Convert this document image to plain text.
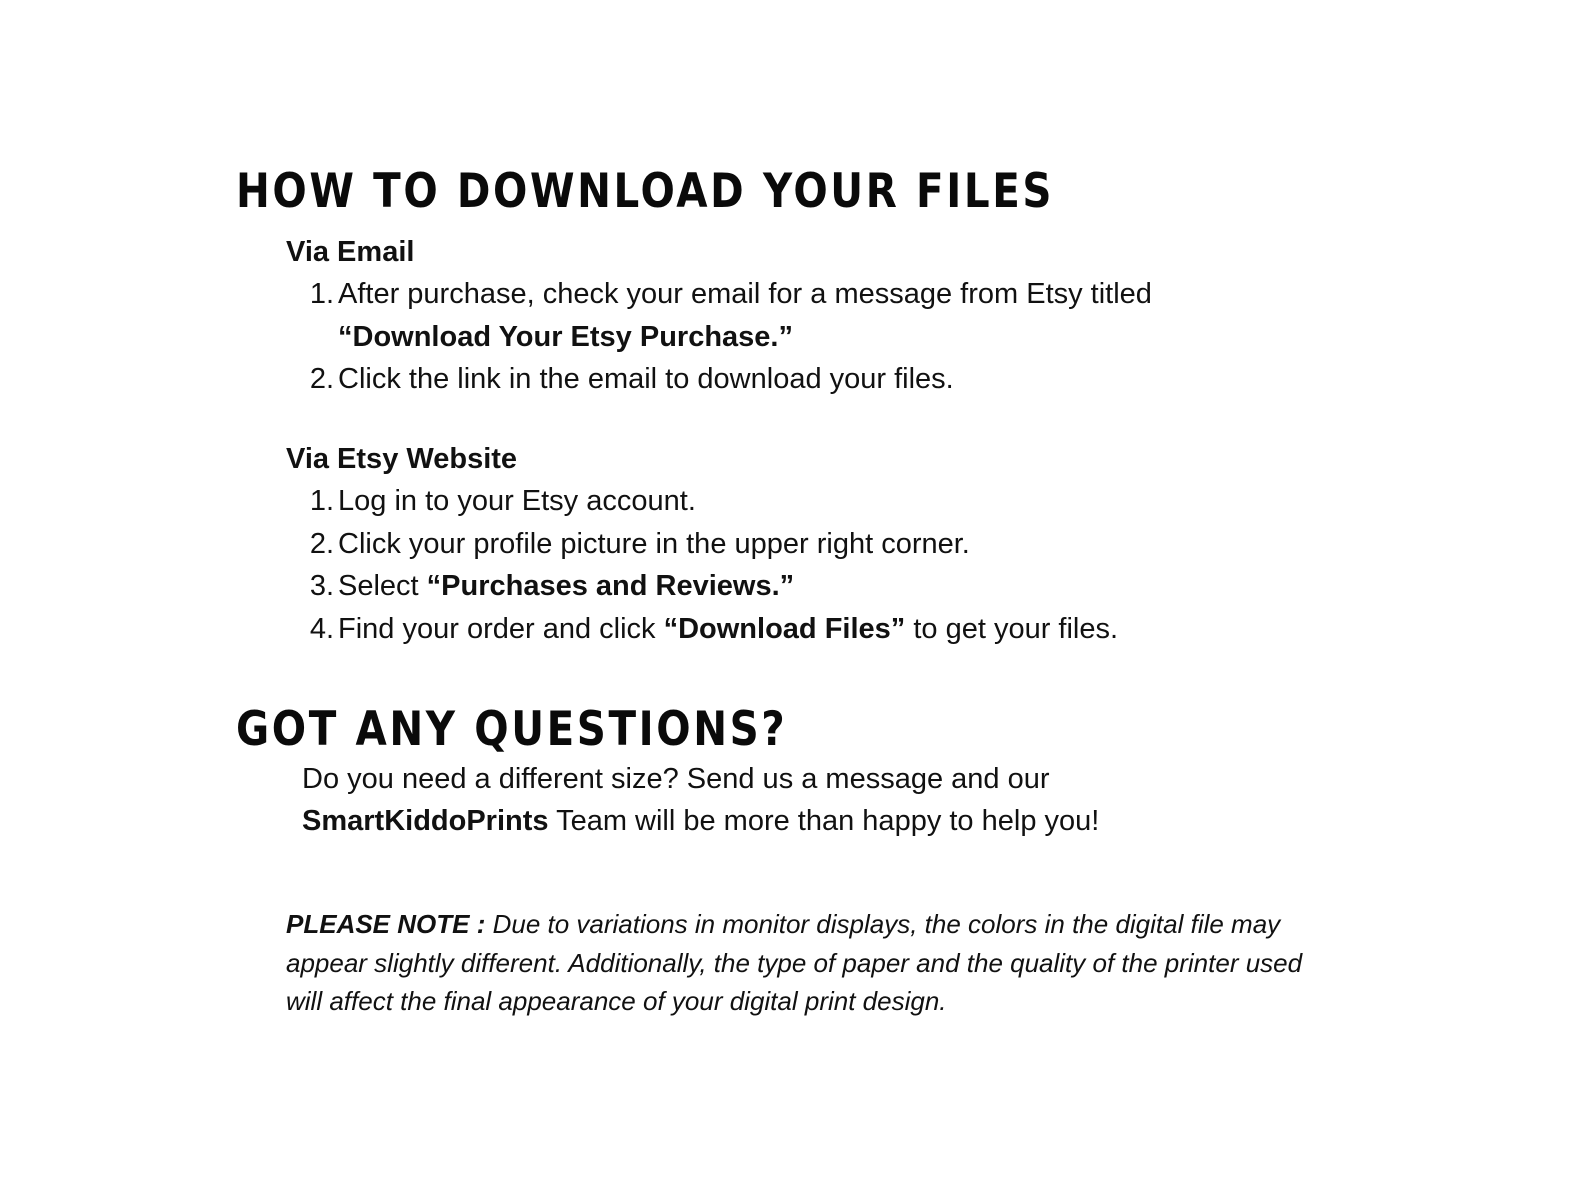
HOW TO DOWNLOAD YOUR FILES
Via Email
1. After purchase, check your email for a message from Etsy titled “Download Your Etsy Purchase.”
2. Click the link in the email to download your files.
Via Etsy Website
1. Log in to your Etsy account.
2. Click your profile picture in the upper right corner.
3. Select “Purchases and Reviews.”
4. Find your order and click “Download Files” to get your files.
GOT ANY QUESTIONS?

Do you need a different size? Send us a message and our
SmartKiddoPrints Team will be more than happy to help you!

PLEASE NOTE : Due to variations in monitor displays, the colors in the digital file may appear slightly different. Additionally, the type of paper and the quality of the printer used will affect the final appearance of your digital print design.
